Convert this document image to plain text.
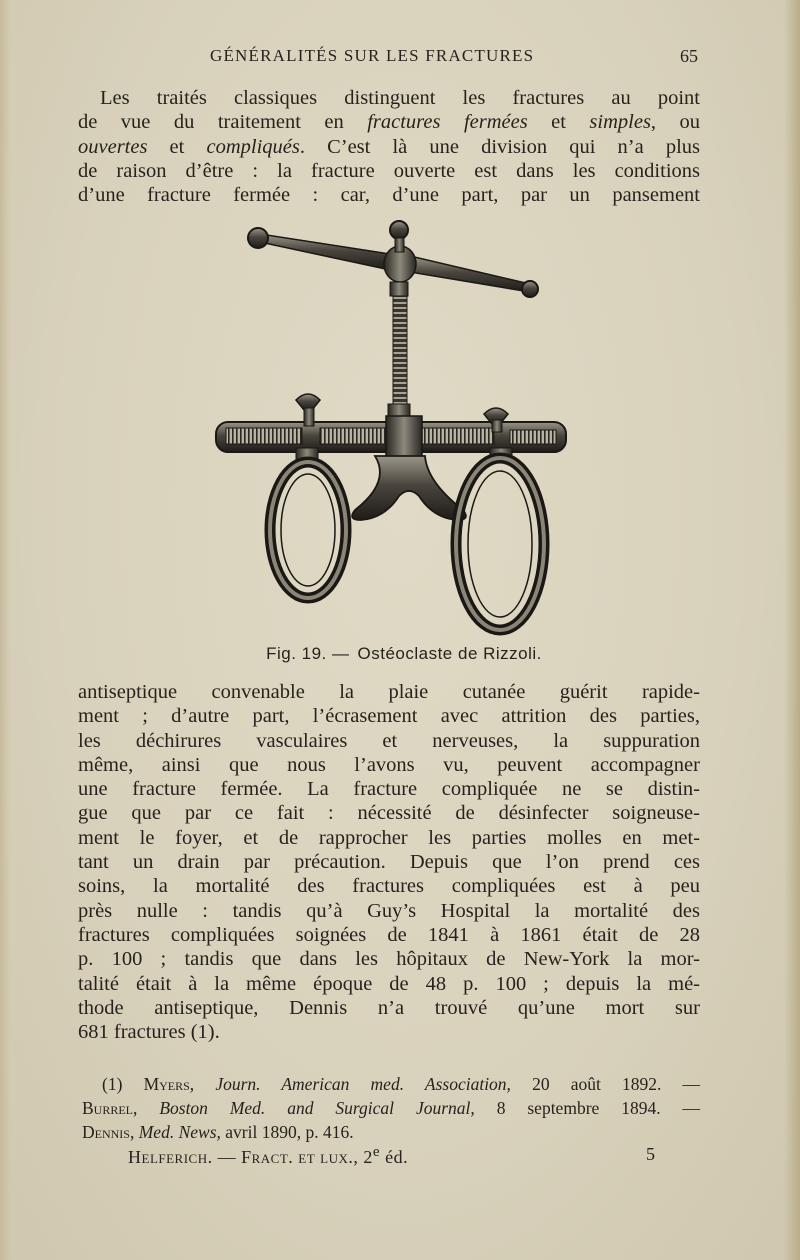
GÉNÉRALITÉS SUR LES FRACTURES	65
Les traités classiques distinguent les fractures au point
de vue du traitement en fractures fermées et simples, ou
ouvertes et compliqués. C’est là une division qui n’a plus
de raison d’être : la fracture ouverte est dans les conditions
d’une fracture fermée : car, d’une part, par un pansement
Fig. 19. — Ostéoclaste de Rizzoli.
antiseptique convenable la plaie cutanée guérit rapide-
ment ; d’autre part, l’écrasement avec attrition des parties,
les déchirures vasculaires et nerveuses, la suppuration
même, ainsi que nous l’avons vu, peuvent accompagner
une fracture fermée. La fracture compliquée ne se distin-
gue que par ce fait : nécessité de désinfecter soigneuse-
ment le foyer, et de rapprocher les parties molles en met-
tant un drain par précaution. Depuis que l’on prend ces
soins, la mortalité des fractures compliquées est à peu
près nulle : tandis qu’à Guy’s Hospital la mortalité des
fractures compliquées soignées de 1841 à 1861 était de 28
p. 100 ; tandis que dans les hôpitaux de New-York la mor-
talité était à la même époque de 48 p. 100 ; depuis la mé-
thode antiseptique, Dennis n’a trouvé qu’une mort sur
681 fractures (1).
(1) Myers, Journ. American med. Association, 20 août 1892. —
Burrel, Boston Med. and Surgical Journal, 8 septembre 1894. —
Dennis, Med. News, avril 1890, p. 416.
Helferich. — Fract. et lux., 2e éd.	5
